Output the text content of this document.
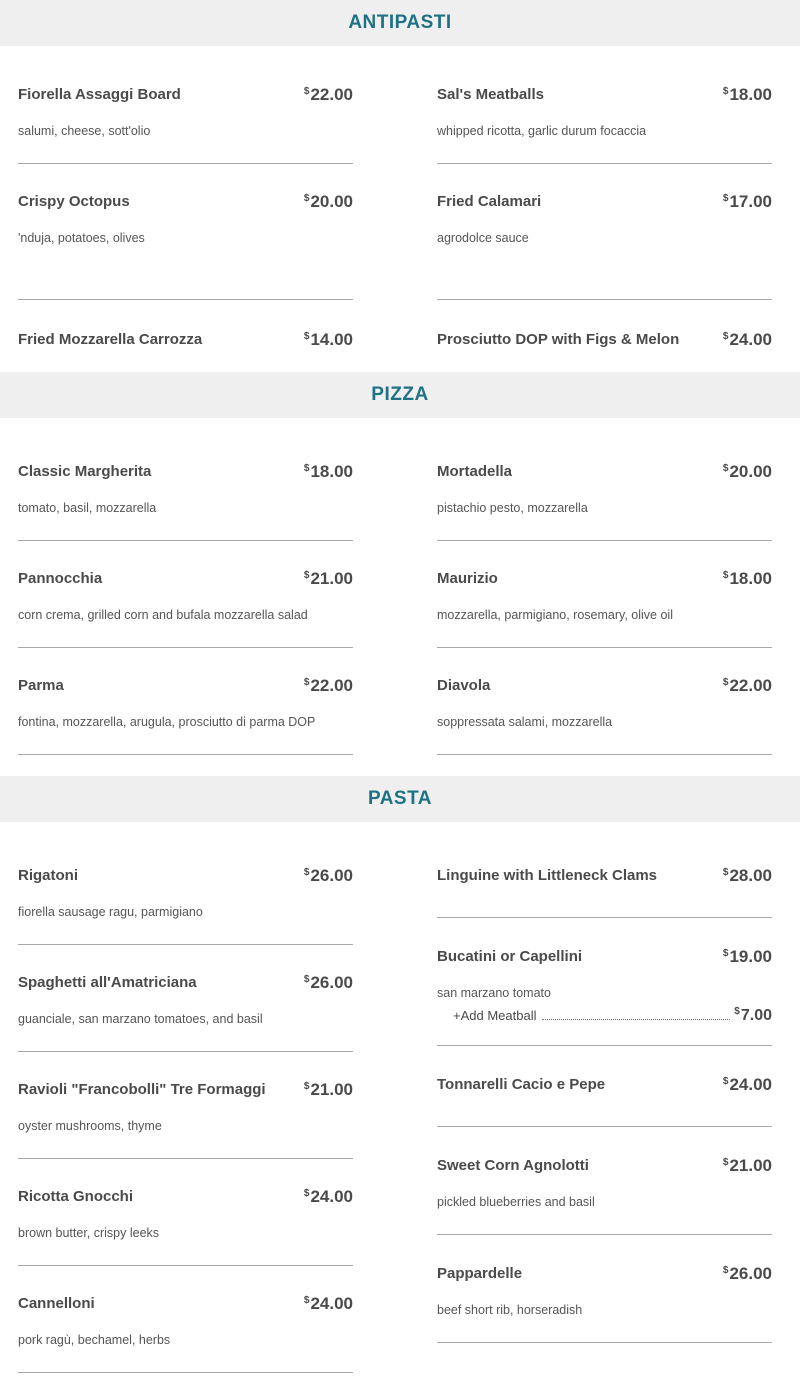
ANTIPASTI
Fiorella Assaggi Board	$22.00
salumi, cheese, sott'olio
Crispy Octopus	$20.00
'nduja, potatoes, olives
Fried Mozzarella Carrozza	$14.00
Sal's Meatballs	$18.00
whipped ricotta, garlic durum focaccia
Fried Calamari	$17.00
agrodolce sauce
Prosciutto DOP with Figs & Melon	$24.00
PIZZA
Classic Margherita	$18.00
tomato, basil, mozzarella
Pannocchia	$21.00
corn crema, grilled corn and bufala mozzarella salad
Parma	$22.00
fontina, mozzarella, arugula, prosciutto di parma DOP
Mortadella	$20.00
pistachio pesto, mozzarella
Maurizio	$18.00
mozzarella, parmigiano, rosemary, olive oil
Diavola	$22.00
soppressata salami, mozzarella
PASTA
Rigatoni	$26.00
fiorella sausage ragu, parmigiano
Spaghetti all'Amatriciana	$26.00
guanciale, san marzano tomatoes, and basil
Ravioli "Francobolli" Tre Formaggi	$21.00
oyster mushrooms, thyme
Ricotta Gnocchi	$24.00
brown butter, crispy leeks
Cannelloni	$24.00
pork ragù, bechamel, herbs
Linguine with Littleneck Clams	$28.00
Bucatini or Capellini	$19.00
san marzano tomato
+Add Meatball	$7.00
Tonnarelli Cacio e Pepe	$24.00
Sweet Corn Agnolotti	$21.00
pickled blueberries and basil
Pappardelle	$26.00
beef short rib, horseradish
